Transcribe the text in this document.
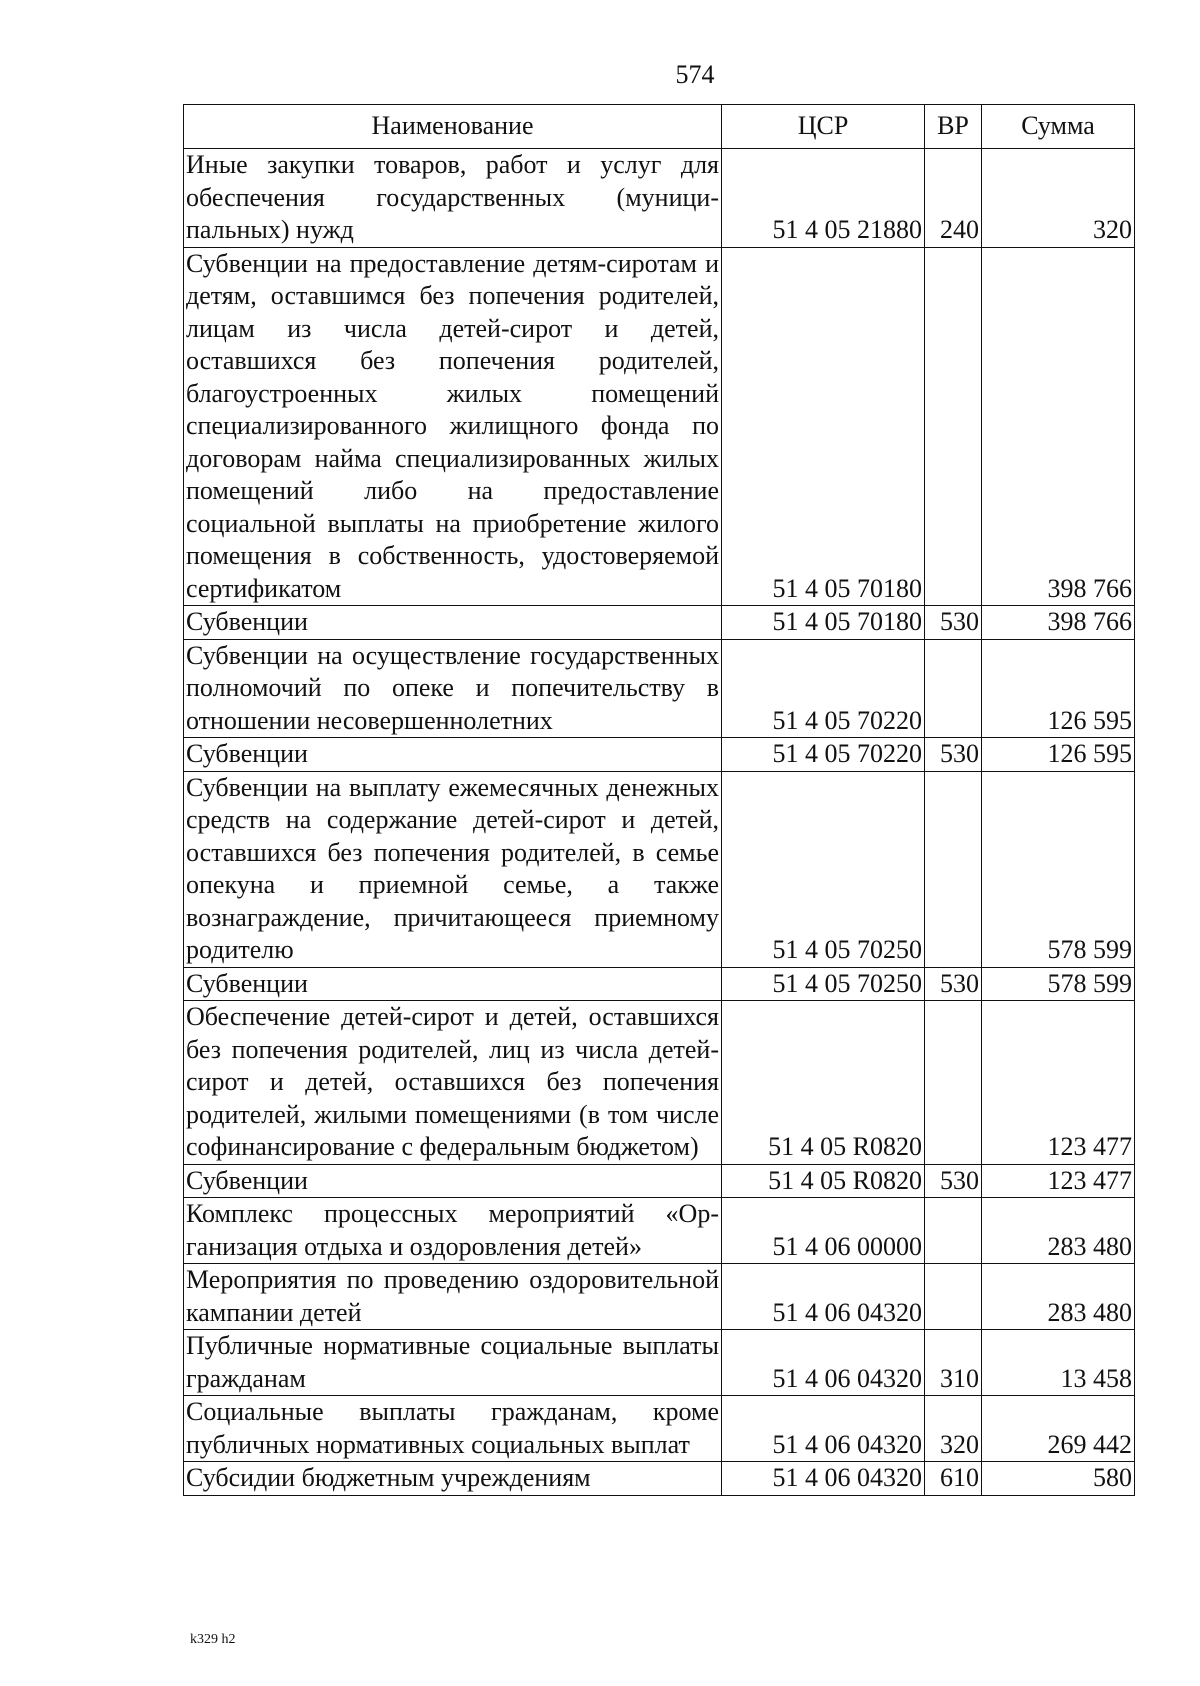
574
Наименование	ЦСР	ВР	Сумма
Иные закупки товаров, работ и услуг для обеспечения государственных (муниципальных) нужд	51 4 05 21880	240	320
Субвенции на предоставление детям-сиротам и детям, оставшимся без попечения родителей, лицам из числа детей-сирот и детей, оставшихся без попечения родителей, благоустроенных жилых помещений специализированного жилищного фонда по договорам найма специализированных жилых помещений либо на предоставление социальной выплаты на приобретение жилого помещения в собственность, удостоверяемой сертификатом	51 4 05 70180		398 766
Субвенции	51 4 05 70180	530	398 766
Субвенции на осуществление государственных полномочий по опеке и попечительству в отношении несовершеннолетних	51 4 05 70220		126 595
Субвенции	51 4 05 70220	530	126 595
Субвенции на выплату ежемесячных денежных средств на содержание детей-сирот и детей, оставшихся без попечения родителей, в семье опекуна и приемной семье, а также вознаграждение, причитающееся приемному родителю	51 4 05 70250		578 599
Субвенции	51 4 05 70250	530	578 599
Обеспечение детей-сирот и детей, оставшихся без попечения родителей, лиц из числа детей-сирот и детей, оставшихся без попечения родителей, жилыми помещениями (в том числе софинансирование с федеральным бюджетом)	51 4 05 R0820		123 477
Субвенции	51 4 05 R0820	530	123 477
Комплекс процессных мероприятий «Организация отдыха и оздоровления детей»	51 4 06 00000		283 480
Мероприятия по проведению оздоровительной кампании детей	51 4 06 04320		283 480
Публичные нормативные социальные выплаты гражданам	51 4 06 04320	310	13 458
Социальные выплаты гражданам, кроме публичных нормативных социальных выплат	51 4 06 04320	320	269 442
Субсидии бюджетным учреждениям	51 4 06 04320	610	580
k329 h2
